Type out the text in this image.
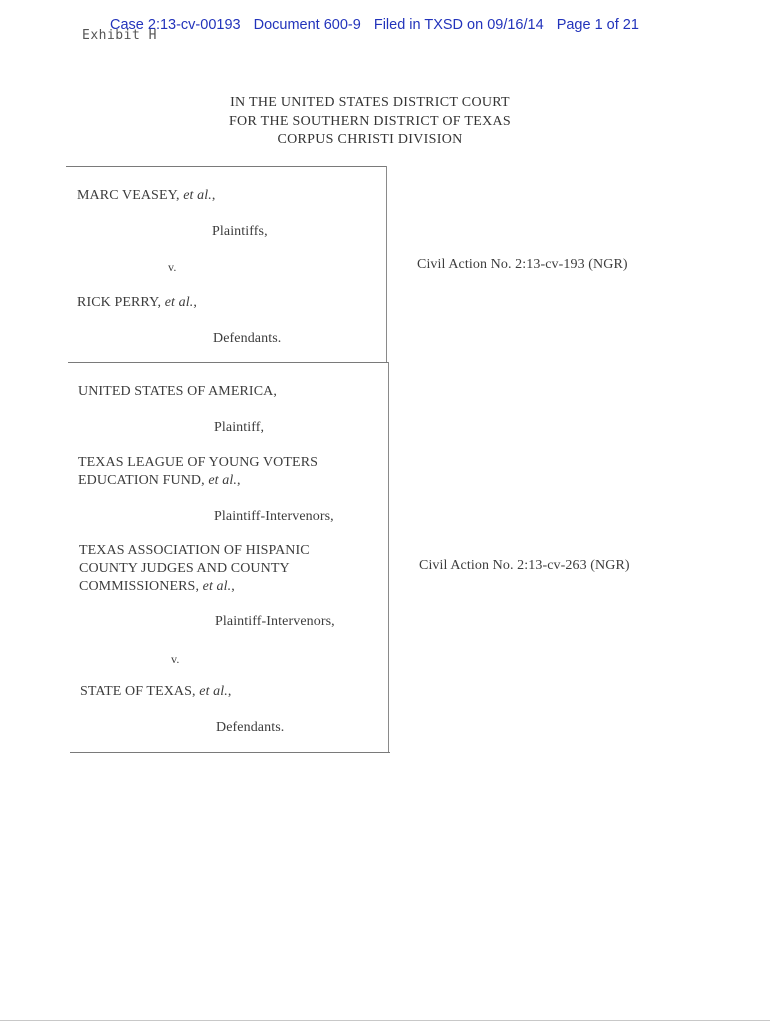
Exhibit H
Case 2:13-cv-00193 Document 600-9 Filed in TXSD on 09/16/14 Page 1 of 21
IN THE UNITED STATES DISTRICT COURT
FOR THE SOUTHERN DISTRICT OF TEXAS
CORPUS CHRISTI DIVISION
MARC VEASEY, et al.,
Plaintiffs,
v.	Civil Action No. 2:13-cv-193 (NGR)
RICK PERRY, et al.,
Defendants.
UNITED STATES OF AMERICA,
Plaintiff,
TEXAS LEAGUE OF YOUNG VOTERS
EDUCATION FUND, et al.,
Plaintiff-Intervenors,
TEXAS ASSOCIATION OF HISPANIC
COUNTY JUDGES AND COUNTY
COMMISSIONERS, et al.,
Civil Action No. 2:13-cv-263 (NGR)
Plaintiff-Intervenors,
v.
STATE OF TEXAS, et al.,
Defendants.
